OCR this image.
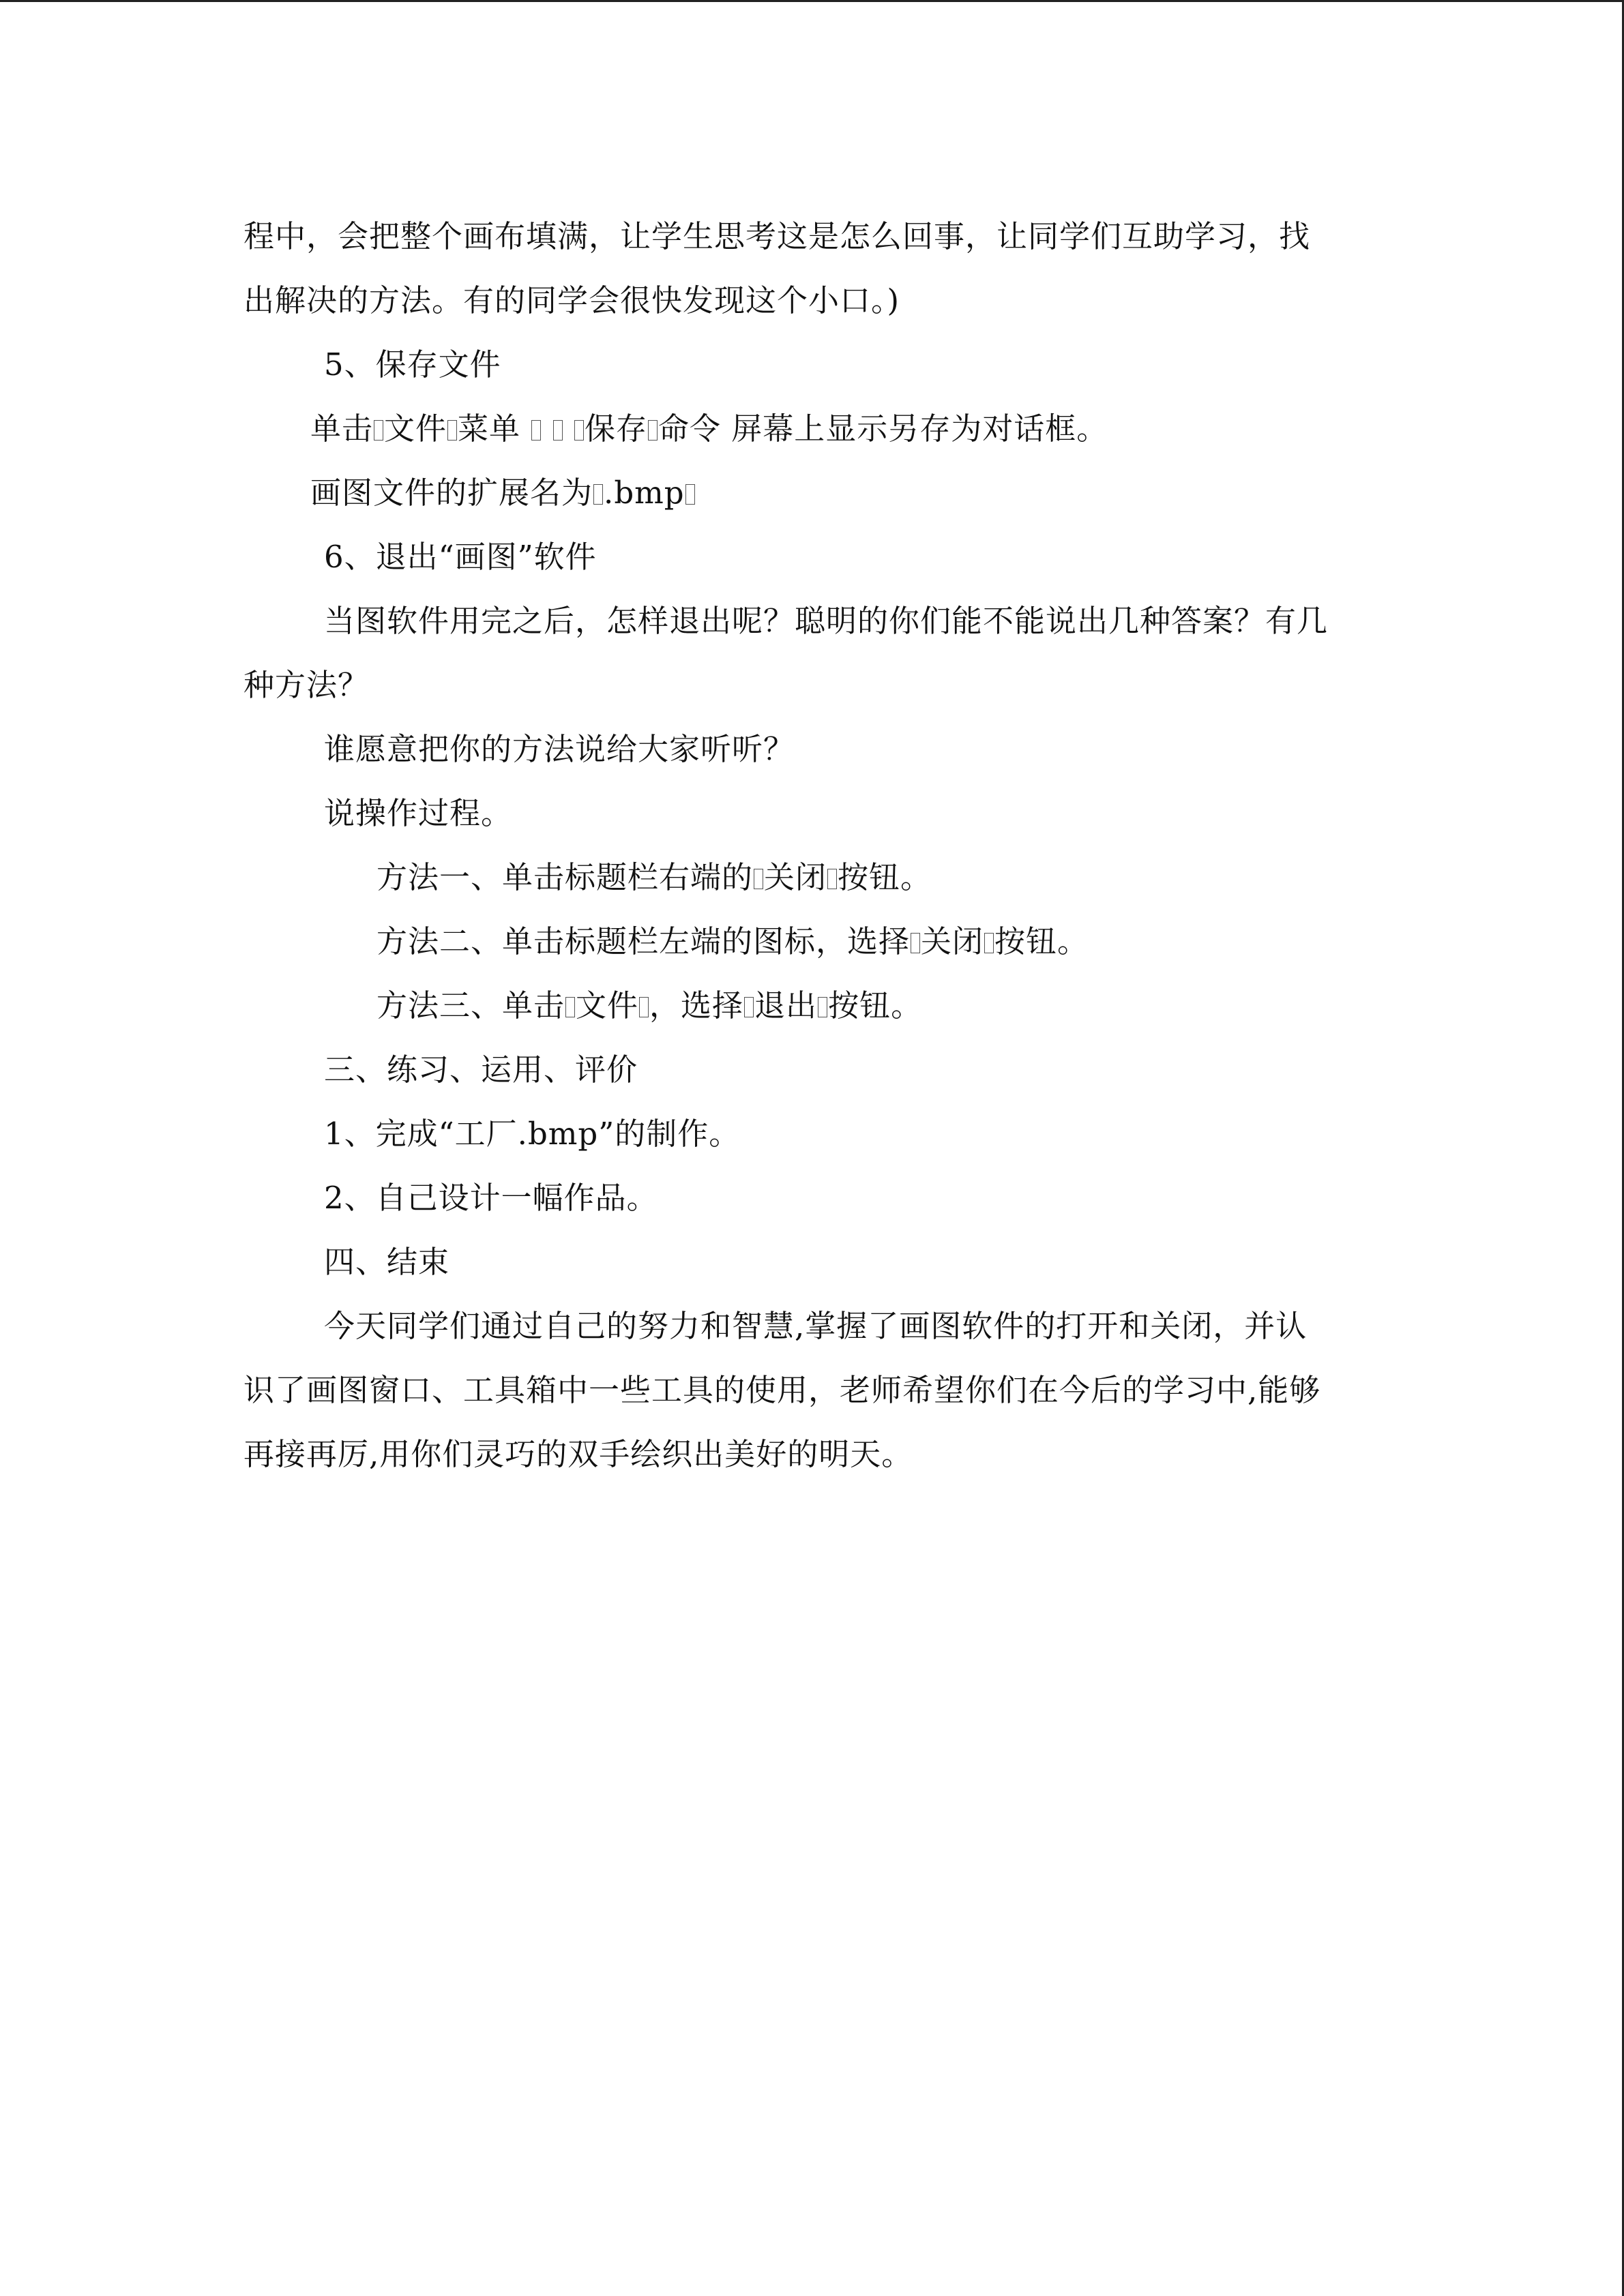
程中，会把整个画布填满，让学生思考这是怎么回事，让同学们互助学习，找
出解决的方法。有的同学会很快发现这个小口。)
5、保存文件
单击 文件 菜单 保存 命令 屏幕上显示另存为对话框。
画图文件的扩展名为 .bmp
6、退出“画图”软件
当图软件用完之后，怎样退出呢？聪明的你们能不能说出几种答案？有几
种方法？
谁愿意把你的方法说给大家听听？
说操作过程。
方法一、单击标题栏右端的 关闭 按钮。
方法二、单击标题栏左端的图标，选择 关闭 按钮。
方法三、单击 文件 ，选择 退出 按钮。
三、练习、运用、评价
1、完成“工厂.bmp”的制作。
2、自己设计一幅作品。
四、结束
今天同学们通过自己的努力和智慧,掌握了画图软件的打开和关闭，并认
识了画图窗口、工具箱中一些工具的使用，老师希望你们在今后的学习中,能够
再接再厉,用你们灵巧的双手绘织出美好的明天。
